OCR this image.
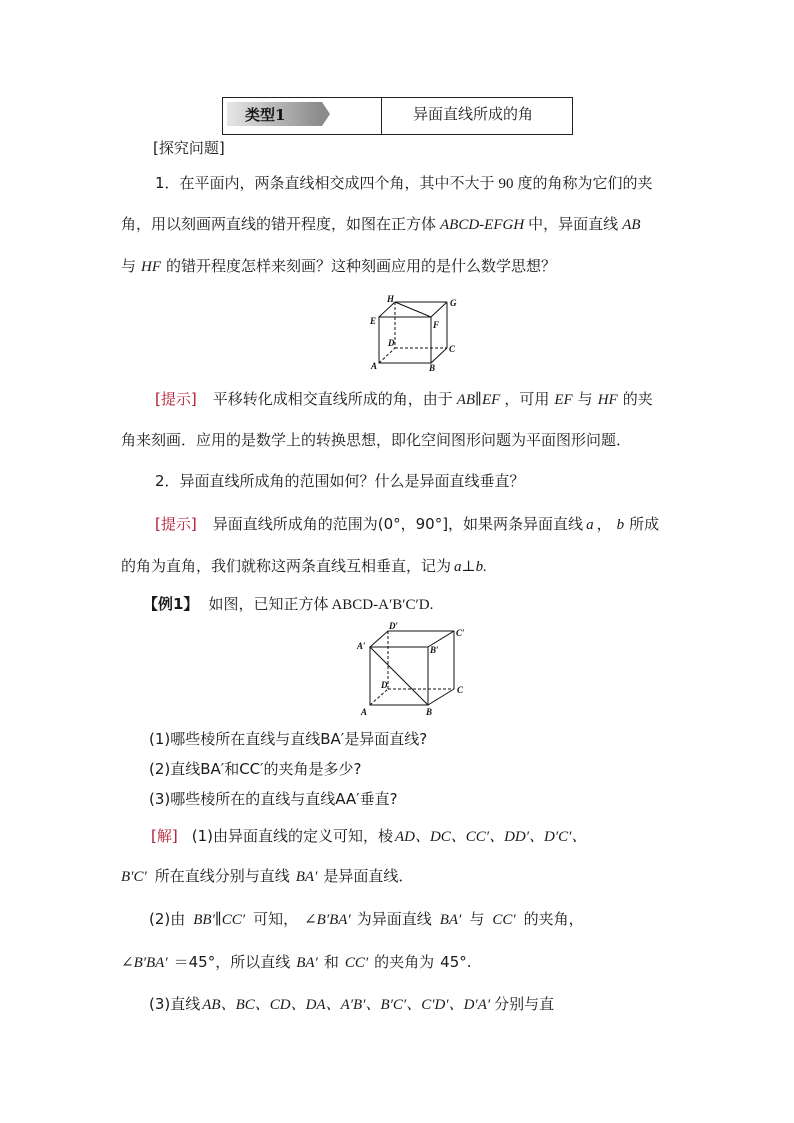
类型1	异面直线所成的角
[探究问题]
1．在平面内，两条直线相交成四个角，其中不大于 90 度的角称为它们的夹
角，用以刻画两直线的错开程度，如图在正方体 ABCD-EFGH 中，异面直线 AB
与 HF 的错开程度怎样来刻画？这种刻画应用的是什么数学思想？
H	G
E	F
D
C
A	B
[提示] 平移转化成相交直线所成的角，由于 AB∥EF ，可用 EF 与 HF 的夹
角来刻画．应用的是数学上的转换思想，即化空间图形问题为平面图形问题．
2．异面直线所成角的范围如何？什么是异面直线垂直？
[提示] 异面直线所成角的范围为(0°，90°]，如果两条异面直线 a ， b 所成
的角为直角，我们就称这两条直线互相垂直，记为 a⊥b.
【例1】 如图，已知正方体 ABCD-A′B′C′D.
D′
C′
A′	B′
D	C
A	B
(1)哪些棱所在直线与直线BA′是异面直线?
(2)直线BA′和CC′的夹角是多少?
(3)哪些棱所在的直线与直线AA′垂直?
[解] (1)由异面直线的定义可知，棱 AD、DC、CC′、DD′、D′C′、
B′C′ 所在直线分别与直线 BA′ 是异面直线．
(2)由 BB′∥CC′ 可知， ∠B′BA′ 为异面直线 BA′ 与 CC′ 的夹角，
∠B′BA′ ＝45°，所以直线 BA′ 和 CC′ 的夹角为 45°.
(3)直线 AB、BC、CD、DA、A′B′、B′C′、C′D′、D′A′ 分别与直
